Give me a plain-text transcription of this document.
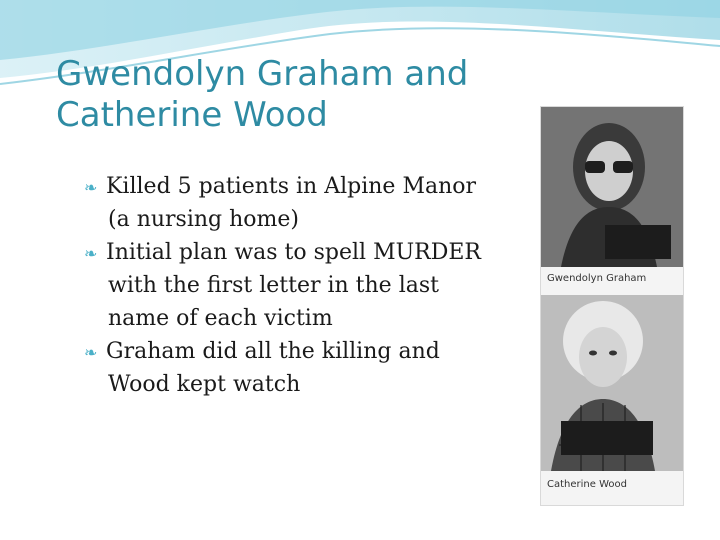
Gwendolyn Graham and
Catherine Wood
❧ Killed 5 patients in Alpine Manor (a nursing home)
❧ Initial plan was to spell MURDER with the first letter in the last name of each victim
❧ Graham did all the killing and Wood kept watch
Gwendolyn Graham
Catherine Wood
